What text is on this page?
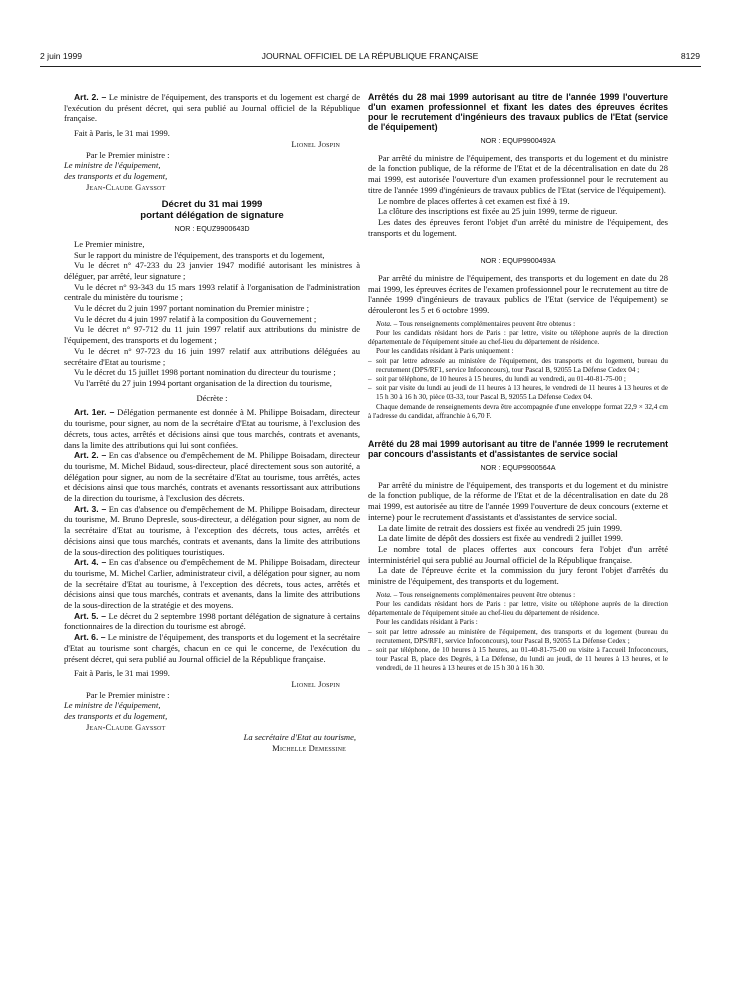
2 juin 1999	JOURNAL OFFICIEL DE LA RÉPUBLIQUE FRANÇAISE	8129

Art. 2. – Le ministre de l'équipement, des transports et du logement est chargé de l'exécution du présent décret, qui sera publié au Journal officiel de la République française.

Fait à Paris, le 31 mai 1999.

Lionel Jospin

Par le Premier ministre :

Le ministre de l'équipement,

des transports et du logement,

Jean-Claude Gayssot

Décret du 31 mai 1999
portant délégation de signature
NOR : EQUZ9900643D

Le Premier ministre,

Sur le rapport du ministre de l'équipement, des transports et du logement,

Vu le décret n° 47-233 du 23 janvier 1947 modifié autorisant les ministres à déléguer, par arrêté, leur signature ;

Vu le décret n° 93-343 du 15 mars 1993 relatif à l'organisation de l'administration centrale du ministère du tourisme ;

Vu le décret du 2 juin 1997 portant nomination du Premier ministre ;

Vu le décret du 4 juin 1997 relatif à la composition du Gouvernement ;

Vu le décret n° 97-712 du 11 juin 1997 relatif aux attributions du ministre de l'équipement, des transports et du logement ;

Vu le décret n° 97-723 du 16 juin 1997 relatif aux attributions déléguées au secrétaire d'Etat au tourisme ;

Vu le décret du 15 juillet 1998 portant nomination du directeur du tourisme ;

Vu l'arrêté du 27 juin 1994 portant organisation de la direction du tourisme,

Décrète :

Art. 1er. – Délégation permanente est donnée à M. Philippe Boisadam, directeur du tourisme, pour signer, au nom de la secrétaire d'Etat au tourisme, à l'exclusion des décrets, tous actes, arrêtés et décisions ainsi que tous marchés, contrats et avenants, dans la limite des attributions qui lui sont confiées.

Art. 2. – En cas d'absence ou d'empêchement de M. Philippe Boisadam, directeur du tourisme, M. Michel Bidaud, sous-directeur, placé directement sous son autorité, a délégation pour signer, au nom de la secrétaire d'Etat au tourisme, tous arrêtés, actes et décisions ainsi que tous marchés, contrats et avenants ressortissant aux attributions de la direction du tourisme, à l'exclusion des décrets.

Art. 3. – En cas d'absence ou d'empêchement de M. Philippe Boisadam, directeur du tourisme, M. Bruno Depresle, sous-directeur, a délégation pour signer, au nom de la secrétaire d'Etat au tourisme, à l'exception des décrets, tous actes, arrêtés et décisions ainsi que tous marchés, contrats et avenants, dans la limite des attributions de la sous-direction des politiques touristiques.

Art. 4. – En cas d'absence ou d'empêchement de M. Philippe Boisadam, directeur du tourisme, M. Michel Carlier, administrateur civil, a délégation pour signer, au nom de la secrétaire d'Etat au tourisme, à l'exception des décrets, tous actes, arrêtés et décisions ainsi que tous marchés, contrats et avenants, dans la limite des attributions de la sous-direction de la stratégie et des moyens.

Art. 5. – Le décret du 2 septembre 1998 portant délégation de signature à certains fonctionnaires de la direction du tourisme est abrogé.

Art. 6. – Le ministre de l'équipement, des transports et du logement et la secrétaire d'Etat au tourisme sont chargés, chacun en ce qui le concerne, de l'exécution du présent décret, qui sera publié au Journal officiel de la République française.

Fait à Paris, le 31 mai 1999.

Lionel Jospin

Par le Premier ministre :

Le ministre de l'équipement,

des transports et du logement,

Jean-Claude Gayssot

La secrétaire d'Etat au tourisme,

Michelle Demessine

Arrêtés du 28 mai 1999 autorisant au titre de l'année 1999 l'ouverture d'un examen professionnel et fixant les dates des épreuves écrites pour le recrutement d'ingénieurs des travaux publics de l'Etat (service de l'équipement)
NOR : EQUP9900492A

Par arrêté du ministre de l'équipement, des transports et du logement et du ministre de la fonction publique, de la réforme de l'Etat et de la décentralisation en date du 28 mai 1999, est autorisée l'ouverture d'un examen professionnel pour le recrutement au titre de l'année 1999 d'ingénieurs de travaux publics de l'Etat (service de l'équipement).

Le nombre de places offertes à cet examen est fixé à 19.

La clôture des inscriptions est fixée au 25 juin 1999, terme de rigueur.

Les dates des épreuves feront l'objet d'un arrêté du ministre de l'équipement, des transports et du logement.

NOR : EQUP9900493A

Par arrêté du ministre de l'équipement, des transports et du logement en date du 28 mai 1999, les épreuves écrites de l'examen professionnel pour le recrutement au titre de l'année 1999 d'ingénieurs de travaux publics de l'Etat (service de l'équipement) se dérouleront les 5 et 6 octobre 1999.

Nota. – Tous renseignements complémentaires peuvent être obtenus :

Pour les candidats résidant hors de Paris : par lettre, visite ou téléphone auprès de la direction départementale de l'équipement située au chef-lieu du département de résidence.

Pour les candidats résidant à Paris uniquement :

– soit par lettre adressée au ministère de l'équipement, des transports et du logement, bureau du recrutement (DPS/RF1, service Infoconcours), tour Pascal B, 92055 La Défense Cedex 04 ;

– soit par téléphone, de 10 heures à 15 heures, du lundi au vendredi, au 01-40-81-75-00 ;

– soit par visite du lundi au jeudi de 11 heures à 13 heures, le vendredi de 11 heures à 13 heures et de 15 h 30 à 16 h 30, pièce 03-33, tour Pascal B, 92055 La Défense Cedex 04.

Chaque demande de renseignements devra être accompagnée d'une enveloppe format 22,9 × 32,4 cm à l'adresse du candidat, affranchie à 6,70 F.

Arrêté du 28 mai 1999 autorisant au titre de l'année 1999 le recrutement par concours d'assistants et d'assistantes de service social
NOR : EQUP9900564A

Par arrêté du ministre de l'équipement, des transports et du logement et du ministre de la fonction publique, de la réforme de l'Etat et de la décentralisation en date du 28 mai 1999, est autorisée au titre de l'année 1999 l'ouverture de deux concours (externe et interne) pour le recrutement d'assistants et d'assistantes de service social.

La date limite de retrait des dossiers est fixée au vendredi 25 juin 1999.

La date limite de dépôt des dossiers est fixée au vendredi 2 juillet 1999.

Le nombre total de places offertes aux concours fera l'objet d'un arrêté interministériel qui sera publié au Journal officiel de la République française.

La date de l'épreuve écrite et la commission du jury feront l'objet d'arrêtés du ministre de l'équipement, des transports et du logement.

Nota. – Tous renseignements complémentaires peuvent être obtenus :

Pour les candidats résidant hors de Paris : par lettre, visite ou téléphone auprès de la direction départementale de l'équipement située au chef-lieu du département de résidence.

Pour les candidats résidant à Paris :

– soit par lettre adressée au ministère de l'équipement, des transports et du logement (bureau du recrutement, DPS/RF1, service Infoconcours), tour Pascal B, 92055 La Défense Cedex ;

– soit par téléphone, de 10 heures à 15 heures, au 01-40-81-75-00 ou visite à l'accueil Infoconcours, tour Pascal B, place des Degrés, à La Défense, du lundi au jeudi, de 11 heures à 13 heures, et le vendredi, de 11 heures à 13 heures et de 15 h 30 à 16 h 30.
